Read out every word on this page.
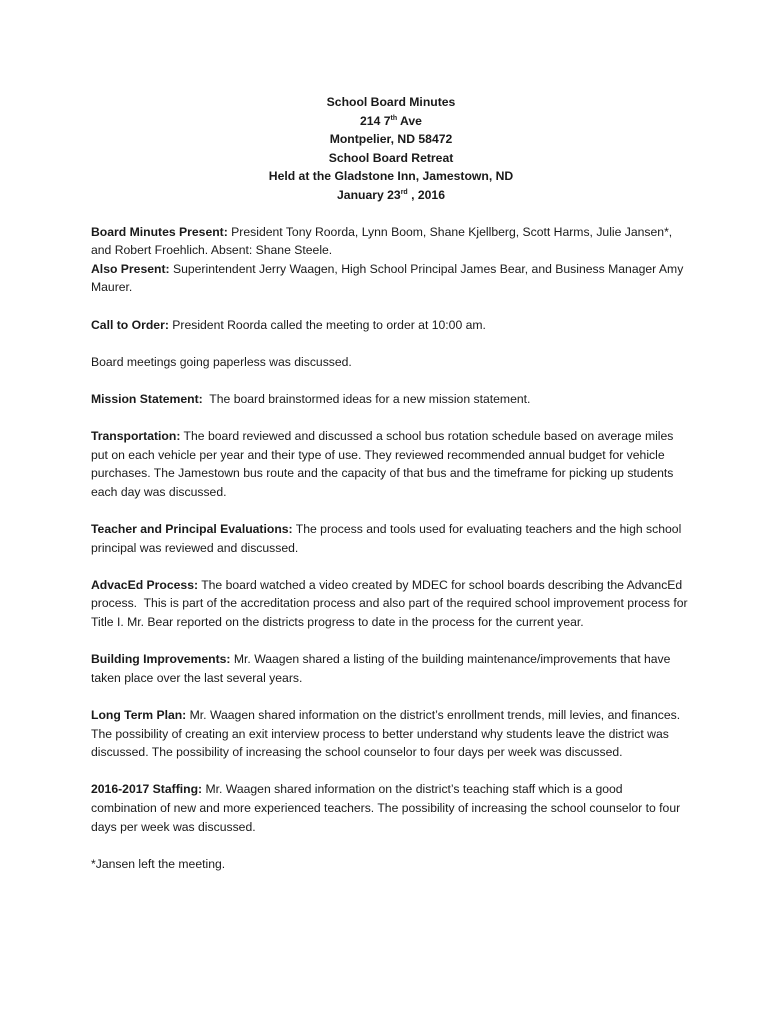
School Board Minutes
214 7th Ave
Montpelier, ND 58472
School Board Retreat
Held at the Gladstone Inn, Jamestown, ND
January 23rd , 2016

Board Minutes Present: President Tony Roorda, Lynn Boom, Shane Kjellberg, Scott Harms, Julie Jansen*, and Robert Froehlich. Absent: Shane Steele.

Also Present: Superintendent Jerry Waagen, High School Principal James Bear, and Business Manager Amy Maurer.

Call to Order: President Roorda called the meeting to order at 10:00 am.

Board meetings going paperless was discussed.

Mission Statement:  The board brainstormed ideas for a new mission statement.

Transportation: The board reviewed and discussed a school bus rotation schedule based on average miles put on each vehicle per year and their type of use. They reviewed recommended annual budget for vehicle purchases. The Jamestown bus route and the capacity of that bus and the timeframe for picking up students each day was discussed.

Teacher and Principal Evaluations: The process and tools used for evaluating teachers and the high school principal was reviewed and discussed.

AdvacEd Process: The board watched a video created by MDEC for school boards describing the AdvancEd process.  This is part of the accreditation process and also part of the required school improvement process for Title I. Mr. Bear reported on the districts progress to date in the process for the current year.

Building Improvements: Mr. Waagen shared a listing of the building maintenance/improvements that have taken place over the last several years.

Long Term Plan: Mr. Waagen shared information on the district’s enrollment trends, mill levies, and finances. The possibility of creating an exit interview process to better understand why students leave the district was discussed. The possibility of increasing the school counselor to four days per week was discussed.

2016-2017 Staffing: Mr. Waagen shared information on the district’s teaching staff which is a good combination of new and more experienced teachers. The possibility of increasing the school counselor to four days per week was discussed.

*Jansen left the meeting.
